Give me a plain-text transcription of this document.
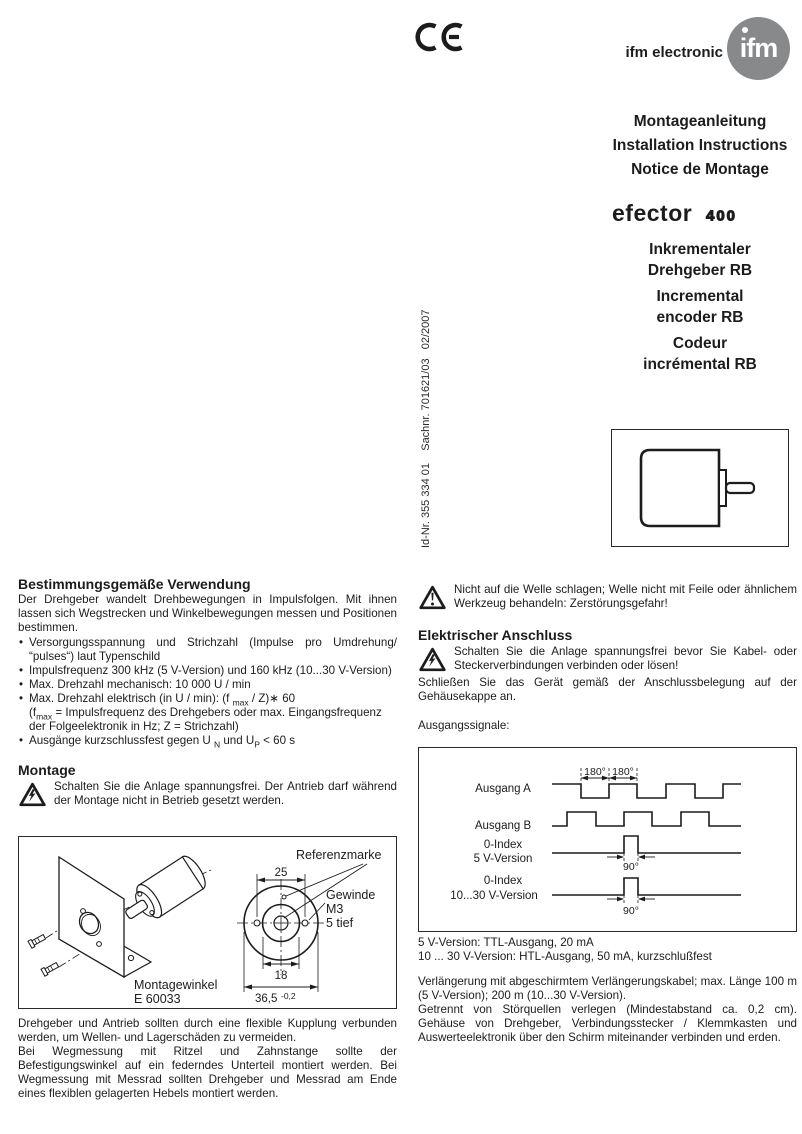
ifm electronic ifm
Montageanleitung
Installation Instructions
Notice de Montage
efector 400
Inkrementaler
Drehgeber RB
Incremental
encoder RB
Codeur
incrémental RB
Id-Nr. 355 334 01    Sachnr. 701621/03   02/2007
Bestimmungsgemäße Verwendung

Der Drehgeber wandelt Drehbewegungen in Impulsfolgen. Mit ihnen lassen sich Wegstrecken und Winkelbewegungen messen und Positionen bestimmen.

• Versorgungsspannung und Strichzahl (Impulse pro Umdrehung/ “pulses“) laut Typenschild
• Impulsfrequenz 300 kHz (5 V-Version) und 160 kHz (10...30 V-Version)
• Max. Drehzahl mechanisch: 10 000 U / min
• Max. Drehzahl elektrisch (in U / min): (f $_{max}$ / Z)∗ 60
($f_{max}$ = Impulsfrequenz des Drehgebers oder max. Eingangsfrequenz der Folgeelektronik in Hz; Z = Strichzahl)
• Ausgänge kurzschlussfest gegen U $_N$ und $U_P < 60$ s
Montage

Schalten Sie die Anlage spannungsfrei. Der Antrieb darf während der Montage nicht in Betrieb gesetzt werden.

Montagewinkel
E 60033
25
Referenzmarke
Gewinde
M3
5 tief
18
36,5 -0,2

Drehgeber und Antrieb sollten durch eine flexible Kupplung verbunden werden, um Wellen- und Lagerschäden zu vermeiden.

Bei Wegmessung mit Ritzel und Zahnstange sollte der Befestigungswinkel auf ein federndes Unterteil montiert werden. Bei Wegmessung mit Messrad sollten Drehgeber und Messrad am Ende eines flexiblen gelagerten Hebels montiert werden.

Nicht auf die Welle schlagen; Welle nicht mit Feile oder ähnlichem Werkzeug behandeln: Zerstörungsgefahr!

Elektrischer Anschluss

Schalten Sie die Anlage spannungsfrei bevor Sie Kabel- oder Steckerverbindungen verbinden oder lösen!

Schließen Sie das Gerät gemäß der Anschlussbelegung auf der Gehäusekappe an.

Ausgangssignale:

Ausgang A
Ausgang B
0-Index
5 V-Version
0-Index
10...30 V-Version
180° 180°
90°
90°

5 V-Version: TTL-Ausgang, 20 mA

10 ... 30 V-Version: HTL-Ausgang, 50 mA, kurzschlußfest

Verlängerung mit abgeschirmtem Verlängerungskabel; max. Länge 100 m (5 V-Version); 200 m (10...30 V-Version).

Getrennt von Störquellen verlegen (Mindestabstand ca. 0,2 cm). Gehäuse von Drehgeber, Verbindungsstecker / Klemmkasten und Auswerteelektronik über den Schirm miteinander verbinden und erden.
